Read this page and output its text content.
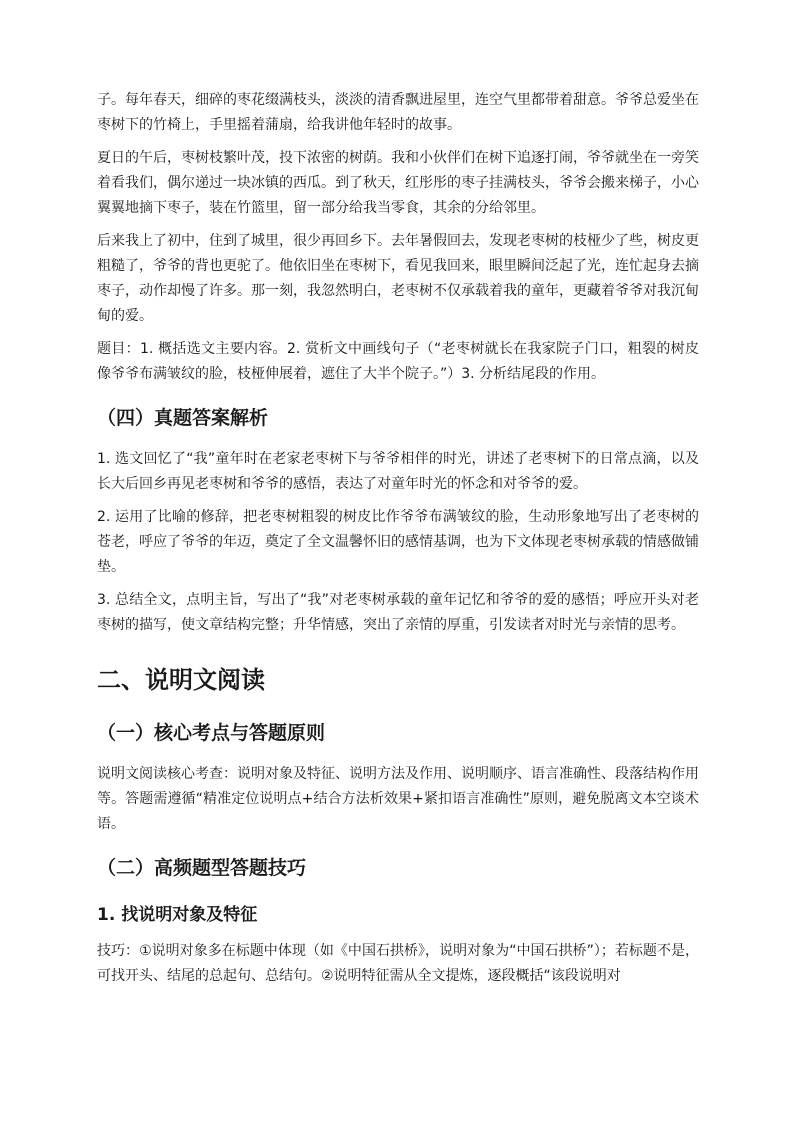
子。每年春天，细碎的枣花缀满枝头，淡淡的清香飘进屋里，连空气里都带着甜意。爷爷总爱坐在枣树下的竹椅上，手里摇着蒲扇，给我讲他年轻时的故事。

夏日的午后，枣树枝繁叶茂，投下浓密的树荫。我和小伙伴们在树下追逐打闹，爷爷就坐在一旁笑着看我们，偶尔递过一块冰镇的西瓜。到了秋天，红彤彤的枣子挂满枝头，爷爷会搬来梯子，小心翼翼地摘下枣子，装在竹篮里，留一部分给我当零食，其余的分给邻里。

后来我上了初中，住到了城里，很少再回乡下。去年暑假回去，发现老枣树的枝桠少了些，树皮更粗糙了，爷爷的背也更驼了。他依旧坐在枣树下，看见我回来，眼里瞬间泛起了光，连忙起身去摘枣子，动作却慢了许多。那一刻，我忽然明白，老枣树不仅承载着我的童年，更藏着爷爷对我沉甸甸的爱。

题目：1. 概括选文主要内容。2. 赏析文中画线句子（“老枣树就长在我家院子门口，粗裂的树皮像爷爷布满皱纹的脸，枝桠伸展着，遮住了大半个院子。”）3. 分析结尾段的作用。

（四）真题答案解析

1. 选文回忆了“我”童年时在老家老枣树下与爷爷相伴的时光，讲述了老枣树下的日常点滴，以及长大后回乡再见老枣树和爷爷的感悟，表达了对童年时光的怀念和对爷爷的爱。

2. 运用了比喻的修辞，把老枣树粗裂的树皮比作爷爷布满皱纹的脸，生动形象地写出了老枣树的苍老，呼应了爷爷的年迈，奠定了全文温馨怀旧的感情基调，也为下文体现老枣树承载的情感做铺垫。

3. 总结全文，点明主旨，写出了“我”对老枣树承载的童年记忆和爷爷的爱的感悟；呼应开头对老枣树的描写，使文章结构完整；升华情感，突出了亲情的厚重，引发读者对时光与亲情的思考。

二、说明文阅读
（一）核心考点与答题原则

说明文阅读核心考查：说明对象及特征、说明方法及作用、说明顺序、语言准确性、段落结构作用等。答题需遵循“精准定位说明点+结合方法析效果+紧扣语言准确性”原则，避免脱离文本空谈术语。

（二）高频题型答题技巧
1. 找说明对象及特征

技巧：①说明对象多在标题中体现（如《中国石拱桥》，说明对象为“中国石拱桥”）；若标题不是，可找开头、结尾的总起句、总结句。②说明特征需从全文提炼，逐段概括“该段说明对
